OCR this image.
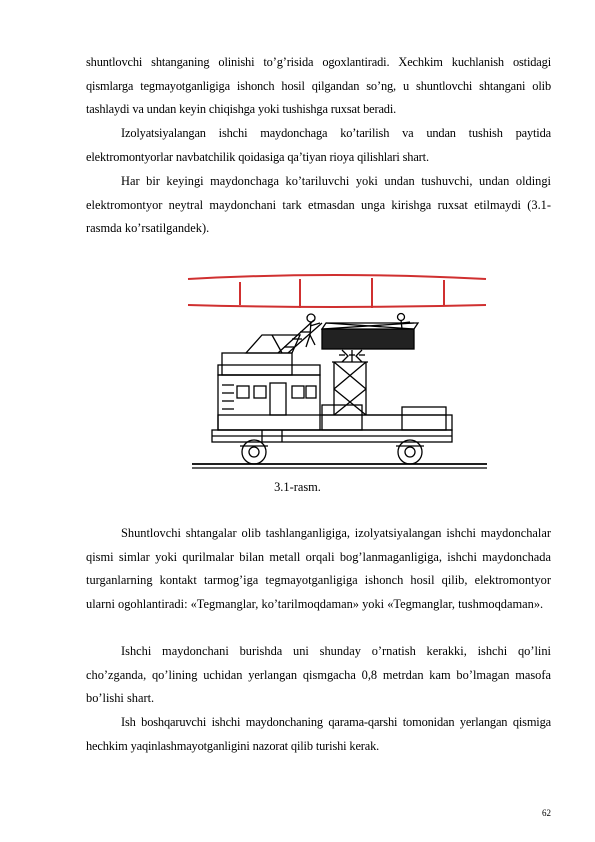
shuntlovchi shtanganing olinishi to’g’risida ogoxlantiradi. Xechkim kuchlanish ostidagi qismlarga tegmayotganligiga ishonch hosil qilgandan so’ng, u shuntlovchi shtangani olib tashlaydi va undan keyin chiqishga yoki tushishga ruxsat beradi.

Izolyatsiyalangan ishchi maydonchaga ko’tarilish va undan tushish paytida elektromontyorlar navbatchilik qoidasiga qa’tiyan rioya qilishlari shart.

Har bir keyingi maydonchaga ko’tariluvchi yoki undan tushuvchi, undan oldingi elektromontyor neytral maydonchani tark etmasdan unga kirishga ruxsat etilmaydi (3.1-rasmda ko’rsatilgandek).

3.1-rasm.

Shuntlovchi shtangalar olib tashlanganligiga, izolyatsiyalangan ishchi maydonchalar qismi simlar yoki qurilmalar bilan metall orqali bog’lanmaganligiga, ishchi maydonchada turganlarning kontakt tarmog’iga tegmayotganligiga ishonch hosil qilib, elektromontyor ularni ogohlantiradi: «Tegmanglar, ko’tarilmoqdaman» yoki «Tegmanglar, tushmoqdaman».

Ishchi maydonchani burishda uni shunday o’rnatish kerakki, ishchi qo’lini cho’zganda, qo’lining uchidan yerlangan qismgacha 0,8 metrdan kam bo’lmagan masofa bo’lishi shart.

Ish boshqaruvchi ishchi maydonchaning qarama-qarshi tomonidan yerlangan qismiga hechkim yaqinlashmayotganligini nazorat qilib turishi kerak.

62
